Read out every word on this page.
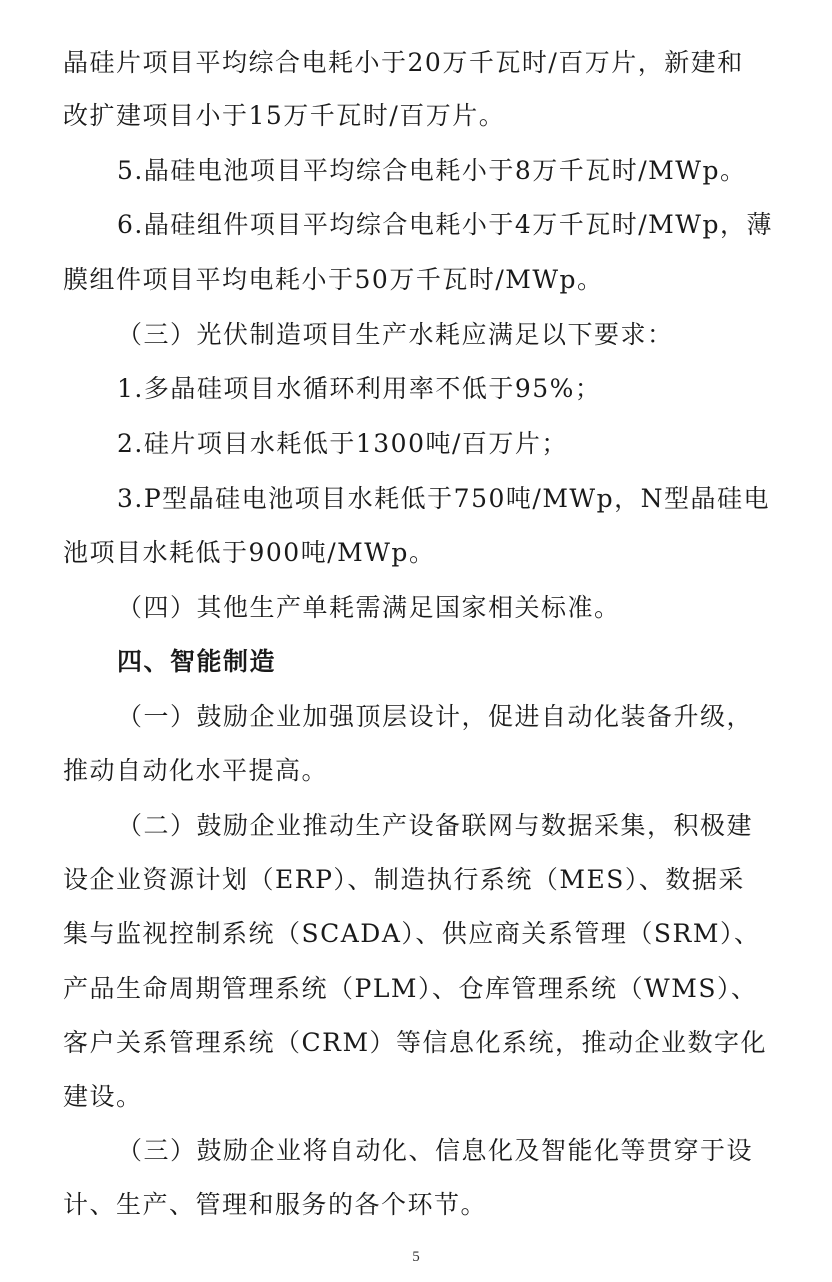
晶硅片项目平均综合电耗小于20万千瓦时/百万片，新建和
改扩建项目小于15万千瓦时/百万片。
5.晶硅电池项目平均综合电耗小于8万千瓦时/MWp。
6.晶硅组件项目平均综合电耗小于4万千瓦时/MWp，薄
膜组件项目平均电耗小于50万千瓦时/MWp。
（三）光伏制造项目生产水耗应满足以下要求：
1.多晶硅项目水循环利用率不低于95%；
2.硅片项目水耗低于1300吨/百万片；
3.P型晶硅电池项目水耗低于750吨/MWp，N型晶硅电
池项目水耗低于900吨/MWp。
（四）其他生产单耗需满足国家相关标准。
四、智能制造
（一）鼓励企业加强顶层设计，促进自动化装备升级，
推动自动化水平提高。
（二）鼓励企业推动生产设备联网与数据采集，积极建
设企业资源计划（ERP）、制造执行系统（MES）、数据采
集与监视控制系统（SCADA）、供应商关系管理（SRM）、
产品生命周期管理系统（PLM）、仓库管理系统（WMS）、
客户关系管理系统（CRM）等信息化系统，推动企业数字化
建设。
（三）鼓励企业将自动化、信息化及智能化等贯穿于设
计、生产、管理和服务的各个环节。
5
